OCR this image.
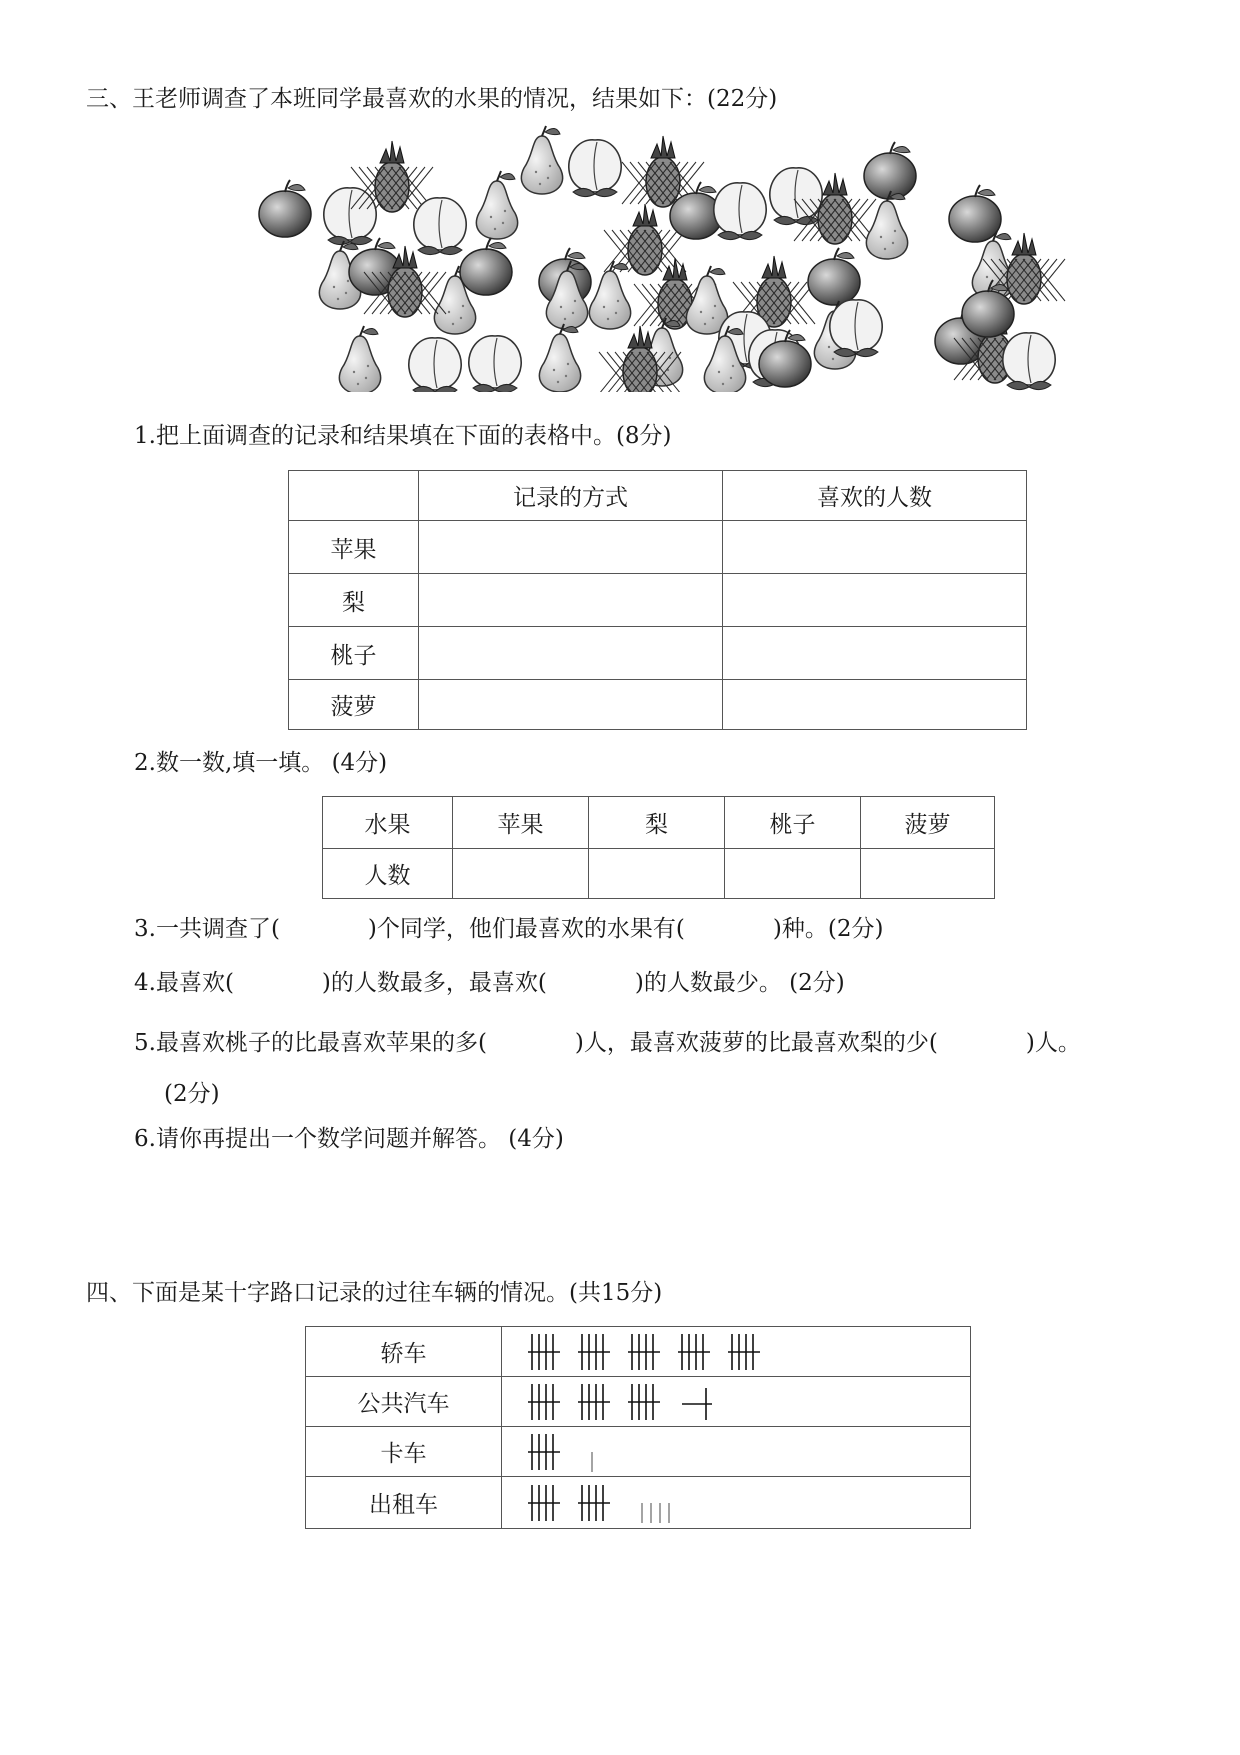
三、王老师调查了本班同学最喜欢的水果的情况，结果如下：(22分)
1.把上面调查的记录和结果填在下面的表格中。(8分)
	记录的方式	喜欢的人数
苹果		
梨		
桃子		
菠萝		
2.数一数,填一填。 (4分)
水果	苹果	梨	桃子	菠萝
人数				
3.一共调查了(	)个同学，他们最喜欢的水果有(	)种。(2分)
4.最喜欢(	)的人数最多，最喜欢(	)的人数最少。 (2分)
5.最喜欢桃子的比最喜欢苹果的多(	)人，最喜欢菠萝的比最喜欢梨的少(	)人。
(2分)
6.请你再提出一个数学问题并解答。 (4分)
四、下面是某十字路口记录的过往车辆的情况。(共15分)
轿车	

公共汽车	

卡车	

出租车	
